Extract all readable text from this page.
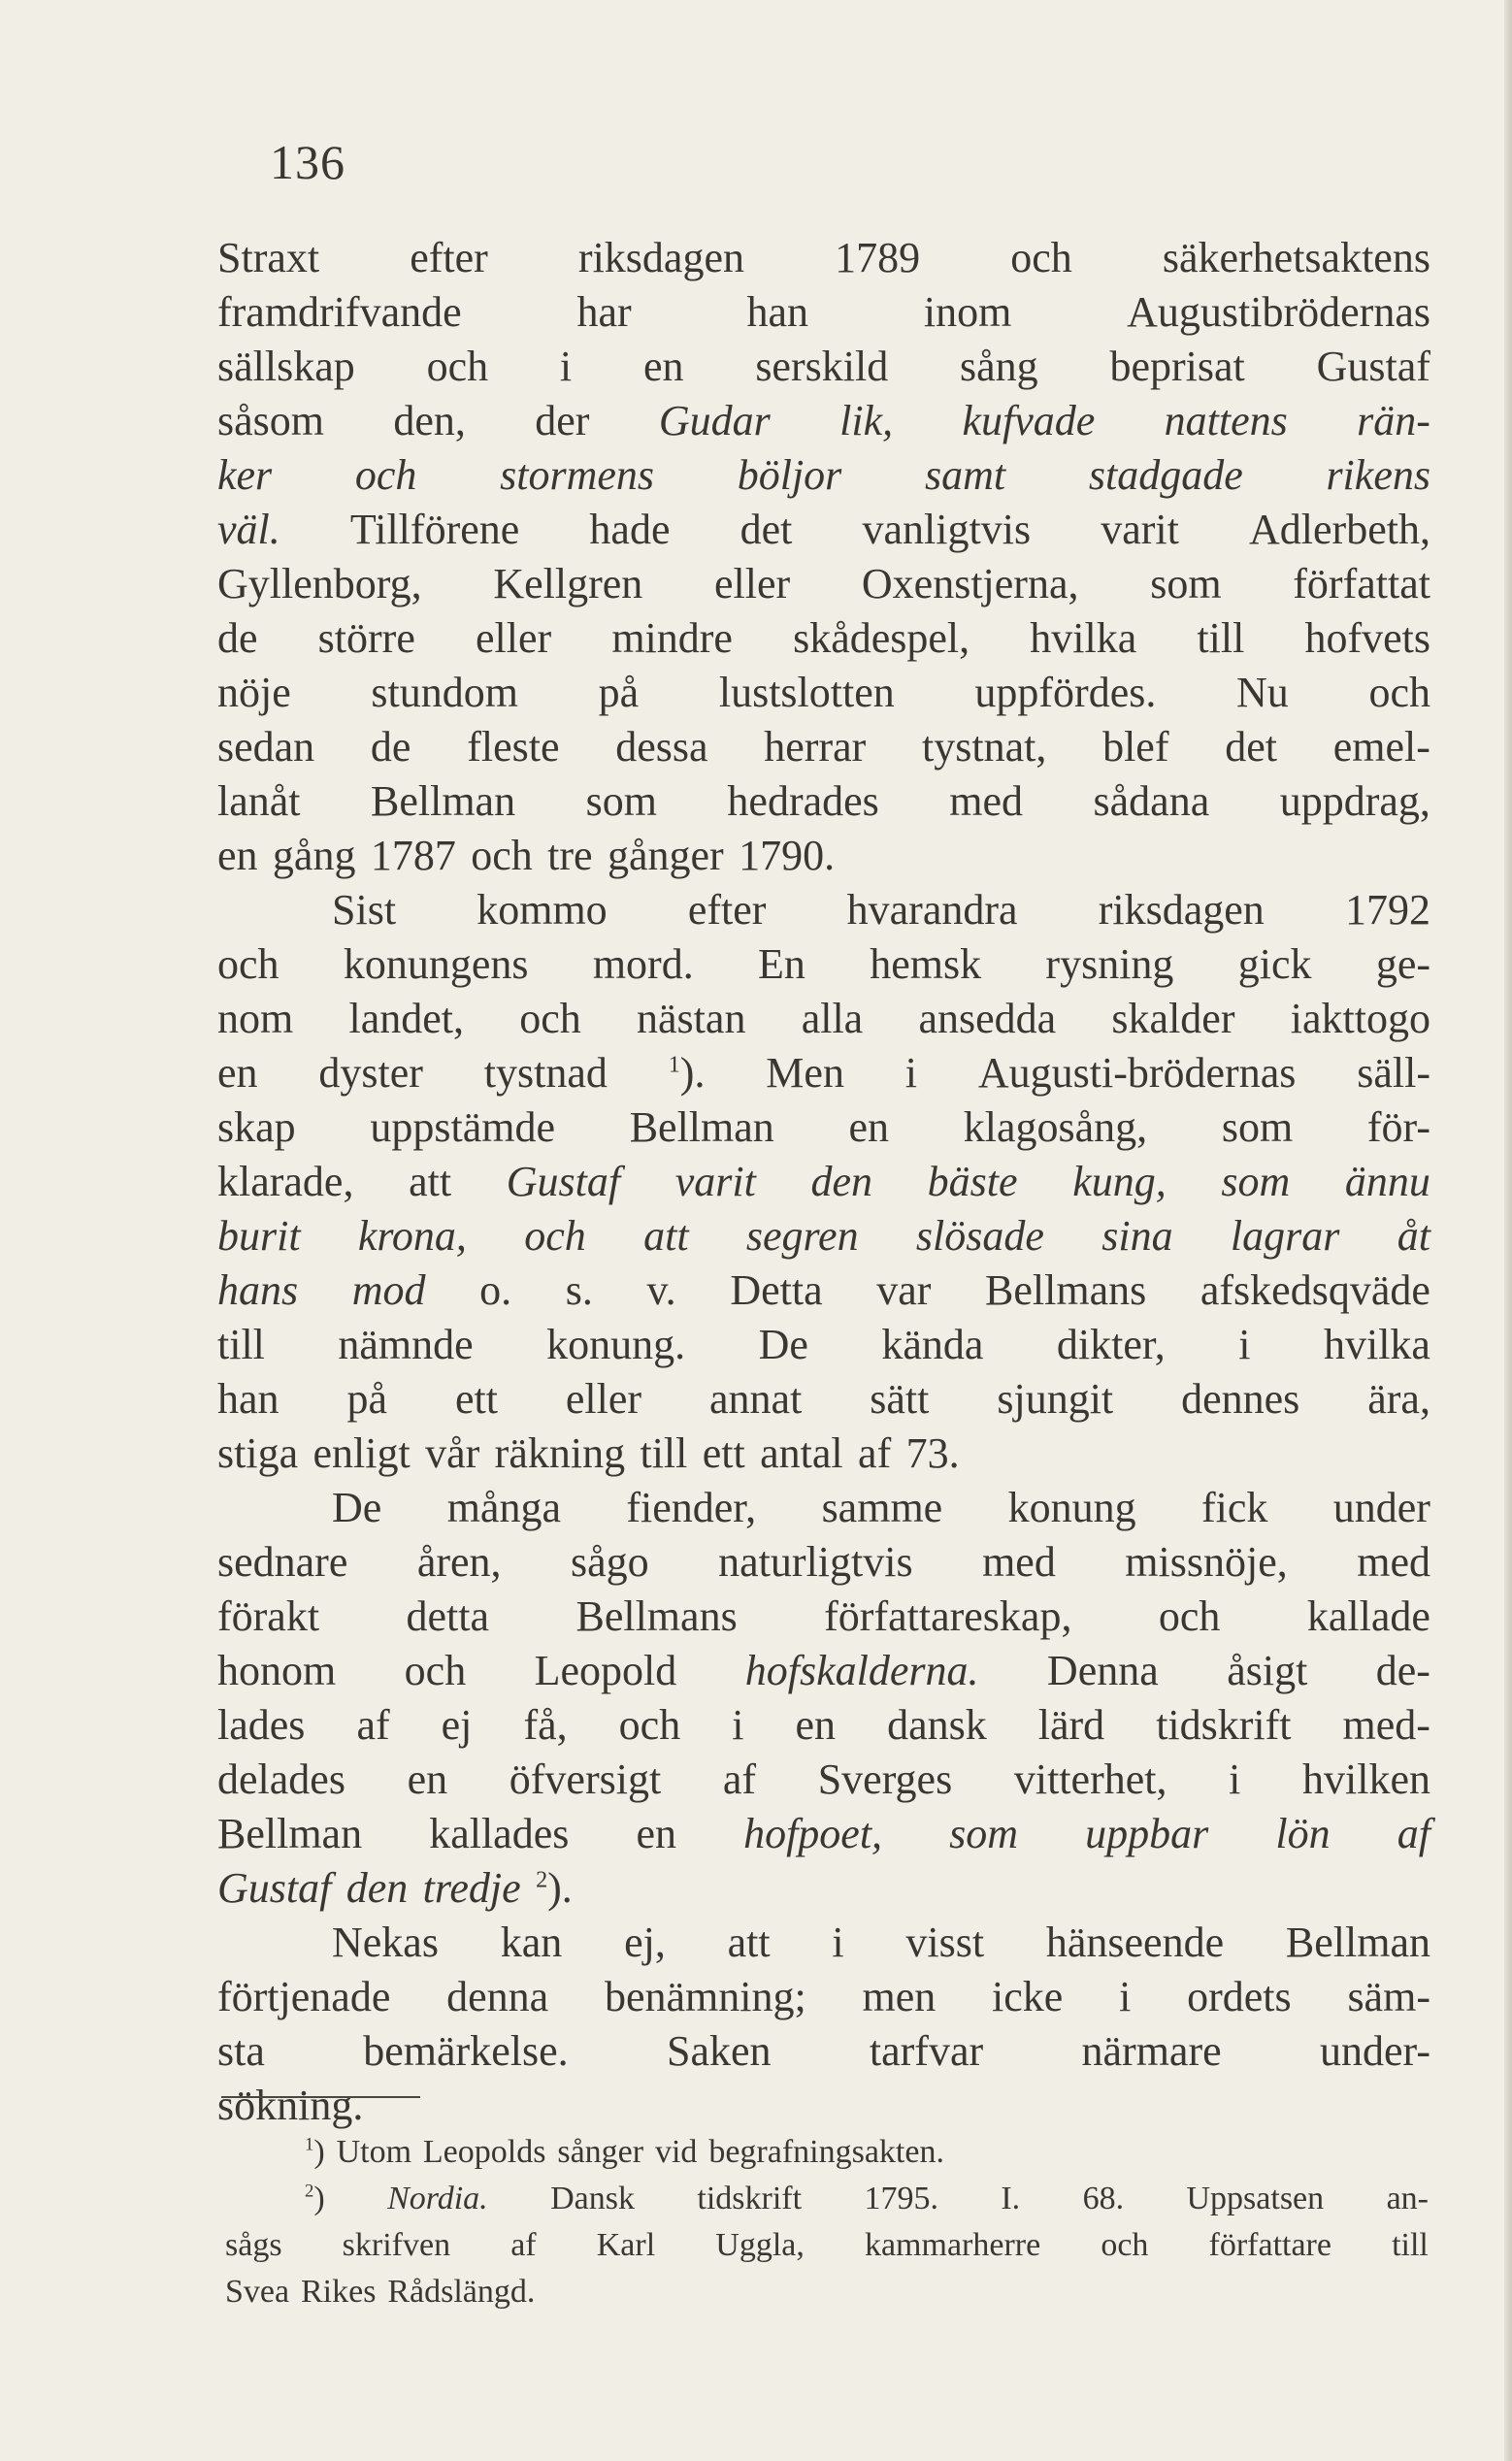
136
Straxt efter riksdagen 1789 och säkerhetsaktens
framdrifvande	har	han	inom	Augustibrödernas
sällskap och i en serskild sång beprisat Gustaf
såsom den, der Gudar lik, kufvade nattens rän-
ker och stormens böljor samt stadgade rikens
väl. Tillförene hade det vanligtvis varit Adlerbeth,
Gyllenborg, Kellgren eller Oxenstjerna, som författat
de större eller mindre skådespel, hvilka till hofvets
nöje stundom på lustslotten uppfördes. Nu och
sedan de fleste dessa herrar tystnat, blef det emel-
lanåt Bellman som hedrades med sådana uppdrag,
en gång 1787 och tre gånger 1790.
Sist kommo efter hvarandra riksdagen 1792
och konungens mord. En hemsk rysning gick ge-
nom landet, och nästan alla ansedda skalder iakttogo
en dyster tystnad	$^1$). Men i Augusti-brödernas säll-
skap uppstämde Bellman en klagosång, som för-
klarade, att Gustaf varit den bäste kung, som ännu
burit krona, och att segren slösade sina lagrar åt
hans mod o. s. v. Detta var Bellmans afskedsqväde
till nämnde konung. De kända dikter, i hvilka
han på ett eller annat sätt sjungit dennes ära,
stiga enligt vår räkning till ett antal af 73.
De många fiender, samme konung fick under
sednare åren, sågo naturligtvis med missnöje, med
förakt detta Bellmans författareskap, och kallade
honom och Leopold hofskalderna. Denna åsigt de-
lades af ej få, och i en dansk lärd tidskrift med-
delades en öfversigt af Sverges vitterhet, i hvilken
Bellman kallades en hofpoet, som uppbar lön af
Gustaf den tredje $^2$).
Nekas kan ej, att i visst hänseende Bellman
förtjenade denna benämning; men icke i ordets säm-
sta bemärkelse. Saken tarfvar närmare under-
sökning.
$^1$) Utom Leopolds sånger vid begrafningsakten.
$^2$) Nordia. Dansk tidskrift 1795. I. 68. Uppsatsen an-
sågs skrifven af Karl Uggla, kammarherre och författare till
Svea Rikes Rådslängd.
